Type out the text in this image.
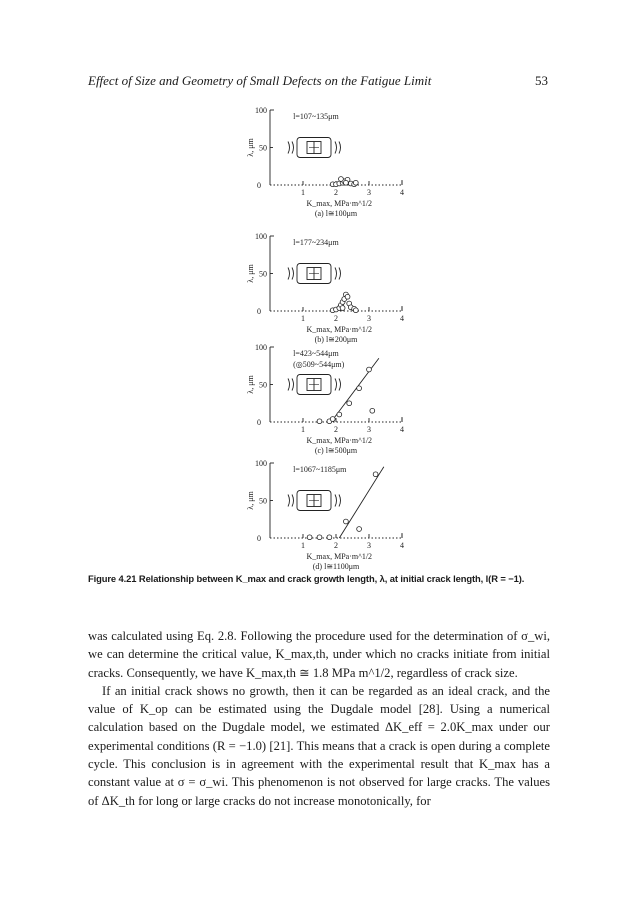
Effect of Size and Geometry of Small Defects on the Fatigue Limit	53
0
50
100
1	2	3	4
λ, μm
K_max, MPa·m^1/2
(a) l≅100μm
l=107~135μm
0
50
100
1	2	3	4
λ, μm
K_max, MPa·m^1/2
(b) l≅200μm
l=177~234μm
0
50
100
1	2	3	4
λ, μm
K_max, MPa·m^1/2
(c) l≅500μm
l=423~544μm
(◎509~544μm)
0
50
100
1	2	3	4
λ, μm
K_max, MPa·m^1/2
(d) l≅1100μm
l=1067~1185μm
Figure 4.21 Relationship between K_max and crack growth length, λ, at initial crack length, l(R = −1).

was calculated using Eq. 2.8. Following the procedure used for the determination of σ_wi, we can determine the critical value, K_max,th, under which no cracks initiate from initial cracks. Consequently, we have K_max,th ≅ 1.8 MPa m^1/2, regardless of crack size.

If an initial crack shows no growth, then it can be regarded as an ideal crack, and the value of K_op can be estimated using the Dugdale model [28]. Using a numerical calculation based on the Dugdale model, we estimated ΔK_eff = 2.0K_max under our experimental conditions (R = −1.0) [21]. This means that a crack is open during a complete cycle. This conclusion is in agreement with the experimental result that K_max has a constant value at σ = σ_wi. This phenomenon is not observed for large cracks. The values of ΔK_th for long or large cracks do not increase monotonically, for
